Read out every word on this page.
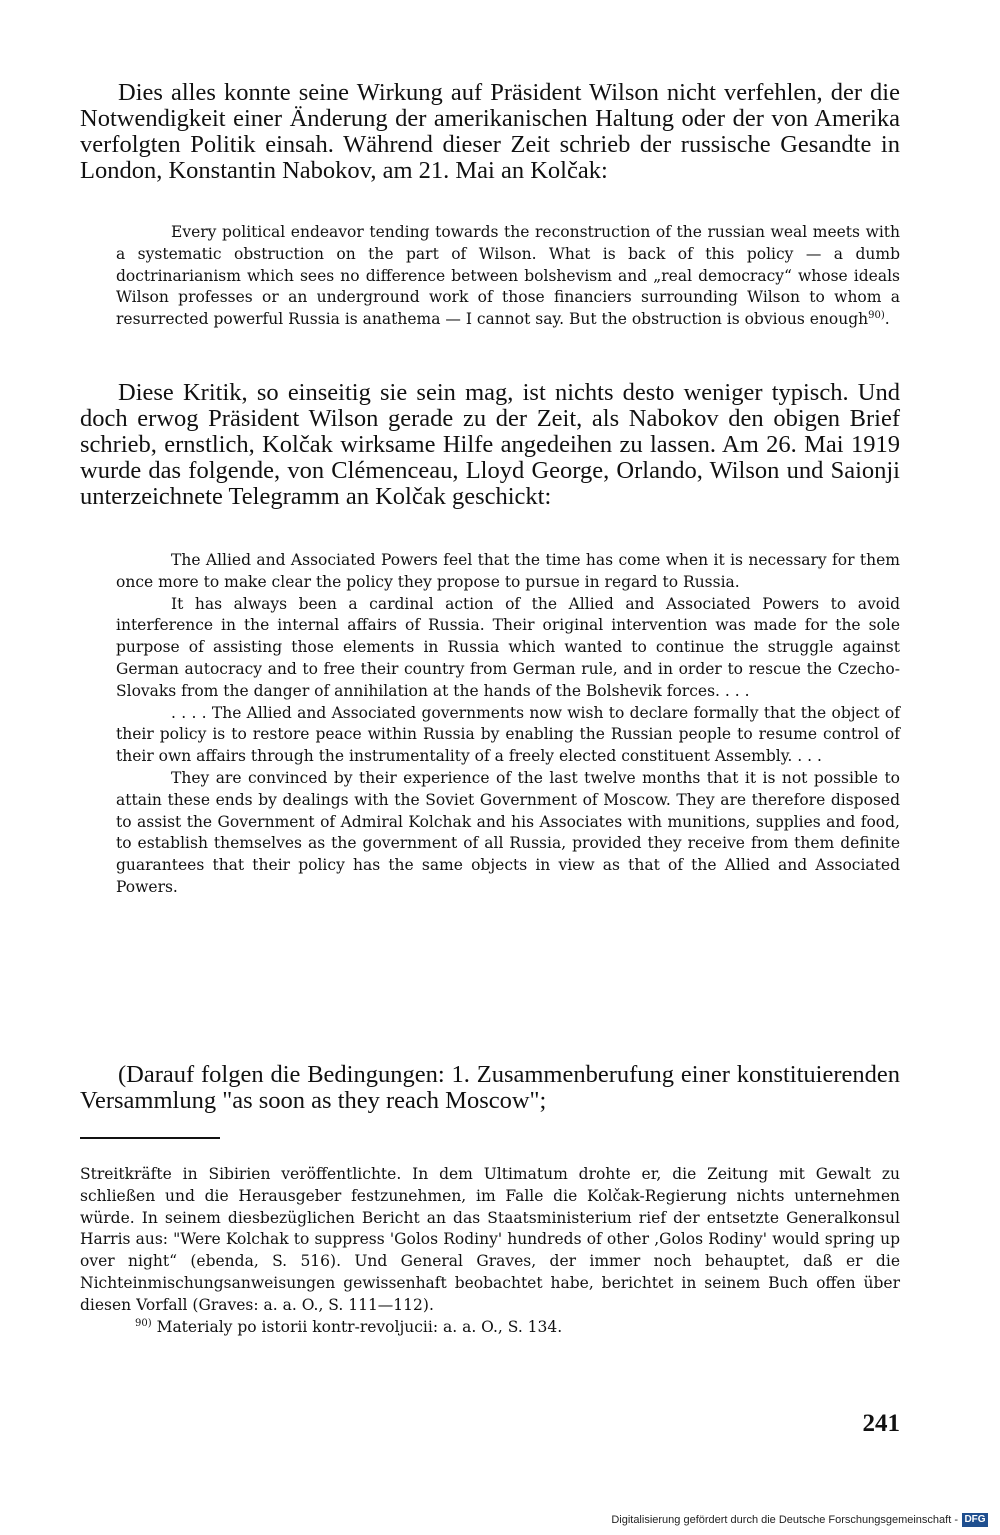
Dies alles konnte seine Wirkung auf Präsident Wilson nicht verfehlen, der die Notwendigkeit einer Änderung der amerikanischen Haltung oder der von Amerika verfolgten Politik einsah. Während dieser Zeit schrieb der russische Gesandte in London, Konstantin Nabokov, am 21. Mai an Kolčak:

Every political endeavor tending towards the reconstruction of the russian weal meets with a systematic obstruction on the part of Wilson. What is back of this policy — a dumb doctrinarianism which sees no difference between bolshevism and „real democracy“ whose ideals Wilson professes or an underground work of those financiers surrounding Wilson to whom a resurrected powerful Russia is anathema — I cannot say. But the obstruction is obvious enough$^{90)}$.

Diese Kritik, so einseitig sie sein mag, ist nichts desto weniger typisch. Und doch erwog Präsident Wilson gerade zu der Zeit, als Nabokov den obigen Brief schrieb, ernstlich, Kolčak wirksame Hilfe angedeihen zu lassen. Am 26. Mai 1919 wurde das folgende, von Clémenceau, Lloyd George, Orlando, Wilson und Saionji unterzeichnete Telegramm an Kolčak geschickt:

The Allied and Associated Powers feel that the time has come when it is necessary for them once more to make clear the policy they propose to pursue in regard to Russia.

It has always been a cardinal action of the Allied and Associated Powers to avoid interference in the internal affairs of Russia. Their original intervention was made for the sole purpose of assisting those elements in Russia which wanted to continue the struggle against German autocracy and to free their country from German rule, and in order to rescue the Czecho-Slovaks from the danger of annihilation at the hands of the Bolshevik forces. . . .

. . . . The Allied and Associated governments now wish to declare formally that the object of their policy is to restore peace within Russia by enabling the Russian people to resume control of their own affairs through the instrumentality of a freely elected constituent Assembly. . . .

They are convinced by their experience of the last twelve months that it is not possible to attain these ends by dealings with the Soviet Government of Moscow. They are therefore disposed to assist the Government of Admiral Kolchak and his Associates with munitions, supplies and food, to establish themselves as the government of all Russia, provided they receive from them definite guarantees that their policy has the same objects in view as that of the Allied and Associated Powers.

(Darauf folgen die Bedingungen: 1. Zusammenberufung einer konstituierenden Versammlung "as soon as they reach Moscow";

Streitkräfte in Sibirien veröffentlichte. In dem Ultimatum drohte er, die Zeitung mit Gewalt zu schließen und die Herausgeber festzunehmen, im Falle die Kolčak-Regierung nichts unternehmen würde. In seinem diesbezüglichen Bericht an das Staatsministerium rief der entsetzte Generalkonsul Harris aus: "Were Kolchak to suppress 'Golos Rodiny' hundreds of other ‚Golos Rodiny' would spring up over night“ (ebenda, S. 516). Und General Graves, der immer noch behauptet, daß er die Nichteinmischungsanweisungen gewissenhaft beobachtet habe, berichtet in seinem Buch offen über diesen Vorfall (Graves: a. a. O., S. 111—112).

$^{90)}$ Materialy po istorii kontr-revoljucii: a. a. O., S. 134.

241
Digitalisierung gefördert durch die Deutsche Forschungsgemeinschaft - DFG
